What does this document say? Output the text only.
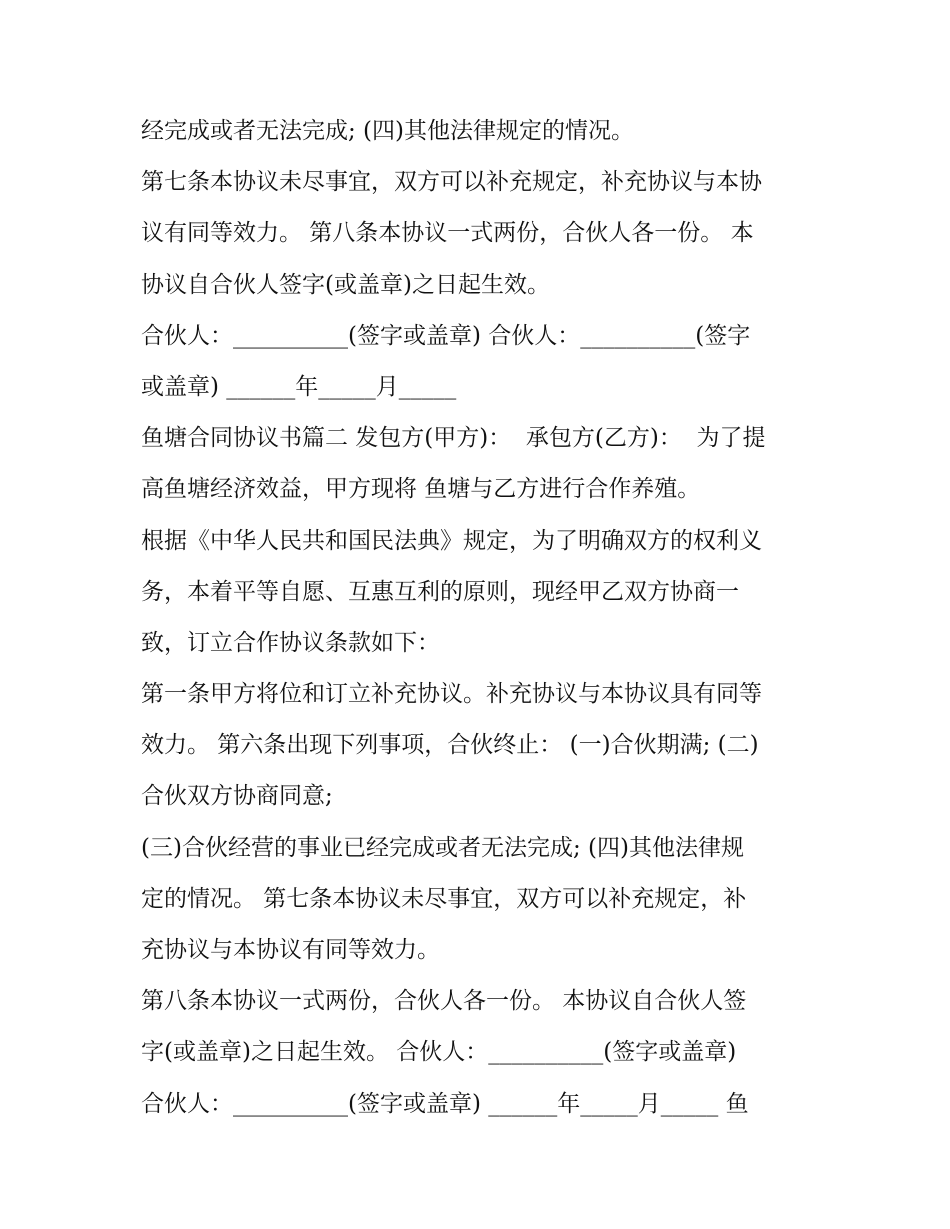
经完成或者无法完成; (四)其他法律规定的情况。
第七条本协议未尽事宜，双方可以补充规定，补充协议与本协
议有同等效力。 第八条本协议一式两份，合伙人各一份。 本
协议自合伙人签字(或盖章)之日起生效。
合伙人：__________(签字或盖章) 合伙人：__________(签字
或盖章) ______年_____月_____
鱼塘合同协议书篇二 发包方(甲方)：  承包方(乙方)：  为了提
高鱼塘经济效益，甲方现将 鱼塘与乙方进行合作养殖。
根据《中华人民共和国民法典》规定，为了明确双方的权利义
务，本着平等自愿、互惠互利的原则，现经甲乙双方协商一
致，订立合作协议条款如下：
第一条甲方将位和订立补充协议。补充协议与本协议具有同等
效力。 第六条出现下列事项，合伙终止： (一)合伙期满; (二)
合伙双方协商同意;
(三)合伙经营的事业已经完成或者无法完成; (四)其他法律规
定的情况。 第七条本协议未尽事宜，双方可以补充规定，补
充协议与本协议有同等效力。
第八条本协议一式两份，合伙人各一份。 本协议自合伙人签
字(或盖章)之日起生效。 合伙人：__________(签字或盖章)
合伙人：__________(签字或盖章) ______年_____月_____ 鱼
